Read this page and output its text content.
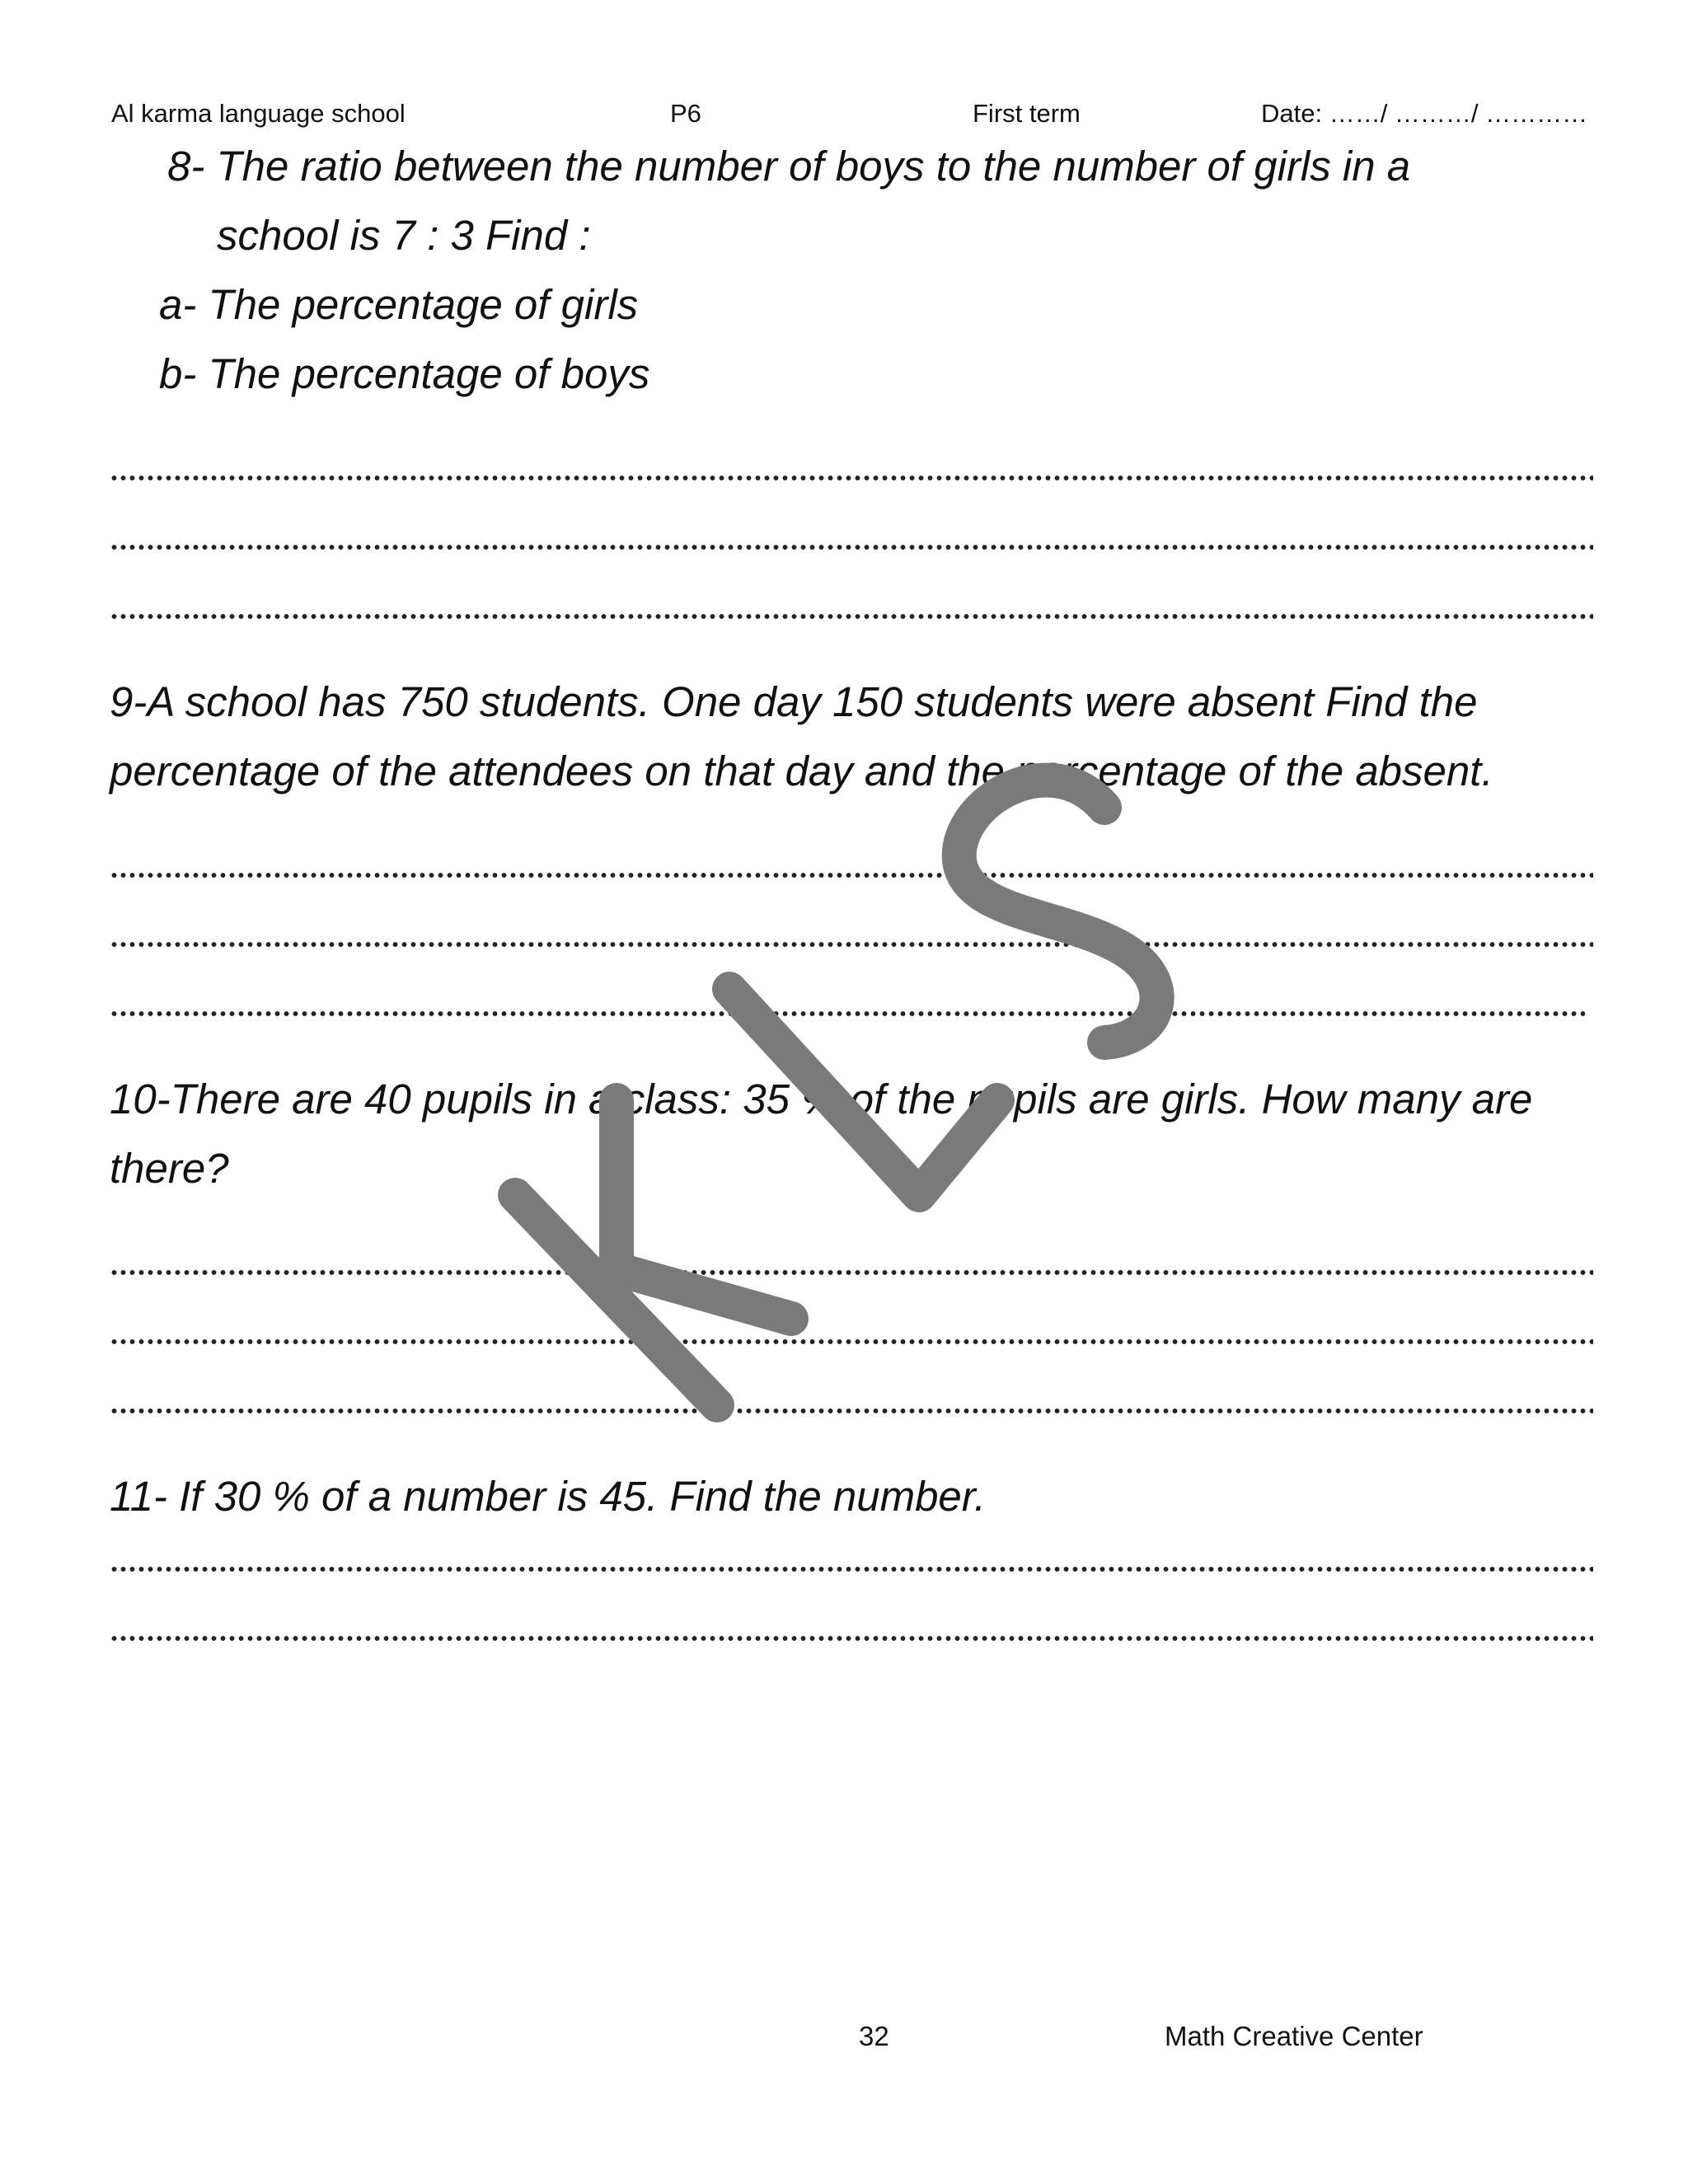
Al karma language school	P6	First term	Date: ……/ ………/ …………
8- The ratio between the number of boys to the number of girls in a
school is 7 : 3 Find :
a- The percentage of girls
b- The percentage of boys
9-A school has 750 students. One day 150 students were absent Find the
percentage of the attendees on that day and the percentage of the absent.
10-There are 40 pupils in a class: 35 % of the pupils are girls. How many are
there?
11- If 30 % of a number is 45. Find the number.
32	Math Creative Center
